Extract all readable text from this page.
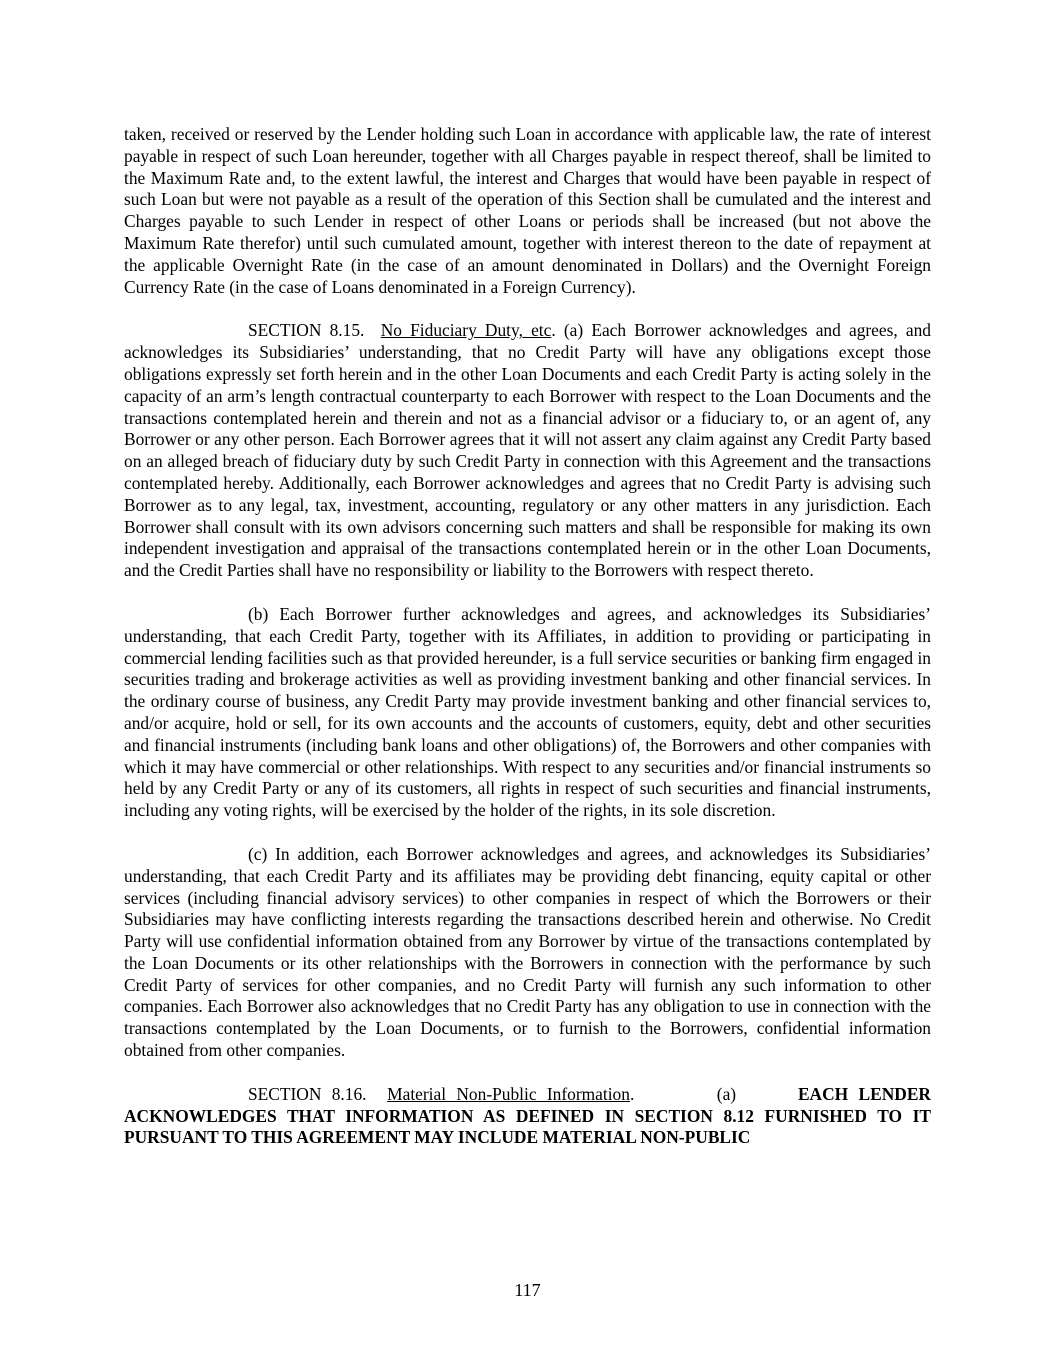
taken, received or reserved by the Lender holding such Loan in accordance with applicable law, the rate of interest payable in respect of such Loan hereunder, together with all Charges payable in respect thereof, shall be limited to the Maximum Rate and, to the extent lawful, the interest and Charges that would have been payable in respect of such Loan but were not payable as a result of the operation of this Section shall be cumulated and the interest and Charges payable to such Lender in respect of other Loans or periods shall be increased (but not above the Maximum Rate therefor) until such cumulated amount, together with interest thereon to the date of repayment at the applicable Overnight Rate (in the case of an amount denominated in Dollars) and the Overnight Foreign Currency Rate (in the case of Loans denominated in a Foreign Currency).

SECTION 8.15. No Fiduciary Duty, etc. (a) Each Borrower acknowledges and agrees, and acknowledges its Subsidiaries’ understanding, that no Credit Party will have any obligations except those obligations expressly set forth herein and in the other Loan Documents and each Credit Party is acting solely in the capacity of an arm’s length contractual counterparty to each Borrower with respect to the Loan Documents and the transactions contemplated herein and therein and not as a financial advisor or a fiduciary to, or an agent of, any Borrower or any other person. Each Borrower agrees that it will not assert any claim against any Credit Party based on an alleged breach of fiduciary duty by such Credit Party in connection with this Agreement and the transactions contemplated hereby. Additionally, each Borrower acknowledges and agrees that no Credit Party is advising such Borrower as to any legal, tax, investment, accounting, regulatory or any other matters in any jurisdiction. Each Borrower shall consult with its own advisors concerning such matters and shall be responsible for making its own independent investigation and appraisal of the transactions contemplated herein or in the other Loan Documents, and the Credit Parties shall have no responsibility or liability to the Borrowers with respect thereto.

(b) Each Borrower further acknowledges and agrees, and acknowledges its Subsidiaries’ understanding, that each Credit Party, together with its Affiliates, in addition to providing or participating in commercial lending facilities such as that provided hereunder, is a full service securities or banking firm engaged in securities trading and brokerage activities as well as providing investment banking and other financial services. In the ordinary course of business, any Credit Party may provide investment banking and other financial services to, and/or acquire, hold or sell, for its own accounts and the accounts of customers, equity, debt and other securities and financial instruments (including bank loans and other obligations) of, the Borrowers and other companies with which it may have commercial or other relationships. With respect to any securities and/or financial instruments so held by any Credit Party or any of its customers, all rights in respect of such securities and financial instruments, including any voting rights, will be exercised by the holder of the rights, in its sole discretion.

(c) In addition, each Borrower acknowledges and agrees, and acknowledges its Subsidiaries’ understanding, that each Credit Party and its affiliates may be providing debt financing, equity capital or other services (including financial advisory services) to other companies in respect of which the Borrowers or their Subsidiaries may have conflicting interests regarding the transactions described herein and otherwise. No Credit Party will use confidential information obtained from any Borrower by virtue of the transactions contemplated by the Loan Documents or its other relationships with the Borrowers in connection with the performance by such Credit Party of services for other companies, and no Credit Party will furnish any such information to other companies. Each Borrower also acknowledges that no Credit Party has any obligation to use in connection with the transactions contemplated by the Loan Documents, or to furnish to the Borrowers, confidential information obtained from other companies.

SECTION 8.16. Material Non-Public Information.        (a)      EACH LENDER ACKNOWLEDGES THAT INFORMATION AS DEFINED IN SECTION 8.12 FURNISHED TO IT PURSUANT TO THIS AGREEMENT MAY INCLUDE MATERIAL NON-PUBLIC

117
